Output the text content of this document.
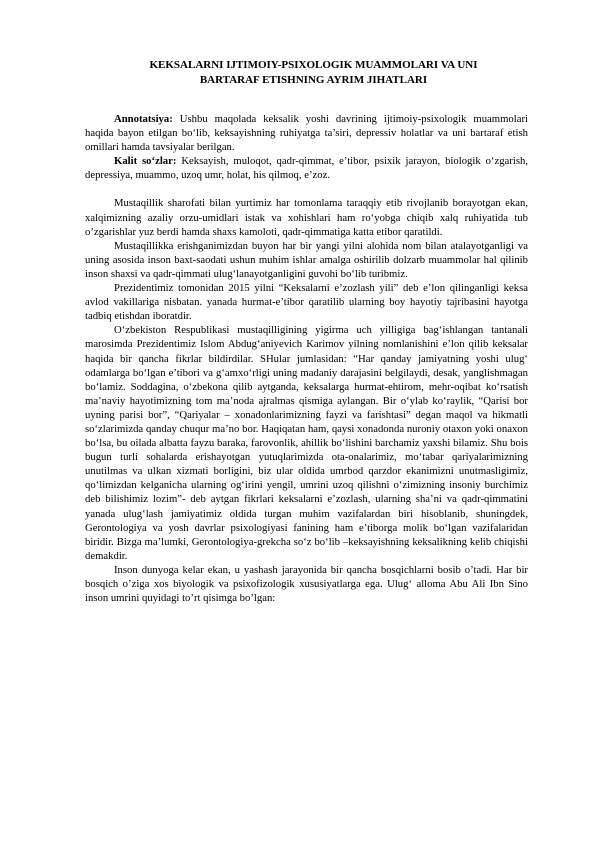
KEKSALARNI IJTIMOIY-PSIXOLOGIK MUAMMOLARI VA UNI
BARTARAF ETISHNING AYRIM JIHATLARI

Annotatsiya: Ushbu maqolada keksalik yoshi davrining ijtimoiy-psixologik muammolari haqida bayon etilgan bo‘lib, keksayishning ruhiyatga ta’siri, depressiv holatlar va uni bartaraf etish omillari hamda tavsiyalar berilgan.

Kalit so‘zlar: Keksayish, muloqot, qadr-qimmat, e’tibor, psixik jarayon, biologik o‘zgarish, depressiya, muammo, uzoq umr, holat, his qilmoq, e’zoz.

Mustaqillik sharofati bilan yurtimiz har tomonlama taraqqiy etib rivojlanib borayotgan ekan, xalqimizning azaliy orzu-umidlari istak va xohishlari ham ro‘yobga chiqib xalq ruhiyatida tub o’zgarishlar yuz berdi hamda shaxs kamoloti, qadr-qimmatiga katta etibor qaratildi.

Mustaqillikka erishganimizdan buyon har bir yangi yilni alohida nom bilan atalayotganligi va uning asosida inson baxt-saodati ushun muhim ishlar amalga oshirilib dolzarb muammolar hal qilinib inson shaxsi va qadr-qimmati ulug‘lanayotganligini guvohi bo‘lib turibmiz.

Prezidentimiz tomonidan 2015 yilni “Keksalarni e’zozlash yili” deb e’lon qilinganligi keksa avlod vakillariga nisbatan. yanada hurmat-e’tibor qaratilib ularning boy hayotiy tajribasini hayotga tadbiq etishdan iboratdir.

O‘zbekiston Respublikasi mustaqilligining yigirma uch yilligiga bag‘ishlangan tantanali marosimda Prezidentimiz Islom Abdug‘aniyevich Karimov yilning nomlanishini e’lon qilib keksalar haqida bir qancha fikrlar bildirdilar. SHular jumlasidan: “Har qanday jamiyatning yoshi ulug‘ odamlarga bo‘lgan e’tibori va g‘amxo‘rligi uning madaniy darajasini belgilaydi, desak, yanglishmagan bo‘lamiz. Soddagina, o‘zbekona qilib aytganda, keksalarga hurmat-ehtirom, mehr-oqibat ko‘rsatish ma’naviy hayotimizning tom ma’noda ajralmas qismiga aylangan. Bir o‘ylab ko‘raylik, “Qarisi bor uyning parisi bor”, “Qariyalar – xonadonlarimizning fayzi va farishtasi” degan maqol va hikmatli so‘zlarimizda qanday chuqur ma’no bor. Haqiqatan ham, qaysi xonadonda nuroniy otaxon yoki onaxon bo‘lsa, bu oilada albatta fayzu baraka, farovonlik, ahillik bo‘lishini barchamiz yaxshi bilamiz. Shu bois bugun turli sohalarda erishayotgan yutuqlarimizda ota-onalarimiz, mo‘tabar qariyalarimizning unutilmas va ulkan xizmati borligini, biz ular oldida umrbod qarzdor ekanimizni unutmasligimiz, qo‘limizdan kelganicha ularning og‘irini yengil, umrini uzoq qilishni o‘zimizning insoniy burchimiz deb bilishimiz lozim”- deb aytgan fikrlari keksalarni e’zozlash, ularning sha’ni va qadr-qimmatini yanada ulug‘lash jamiyatimiz oldida turgan muhim vazifalardan biri hisoblanib, shuningdek, Gerontologiya va yosh davrlar psixologiyasi fanining ham e’tiborga molik bo‘lgan vazifalaridan biridir. Bizga ma’lumki, Gerontologiya-grekcha so‘z bo‘lib –keksayishning keksalikning kelib chiqishi demakdir.

Inson dunyoga kelar ekan, u yashash jarayonida bir qancha bosqichlarni bosib o’tadi. Har bir bosqich o’ziga xos biyologik va psixofizologik xususiyatlarga ega. Ulug‘ alloma Abu Ali Ibn Sino inson umrini quyidagi to’rt qisimga bo’lgan:
